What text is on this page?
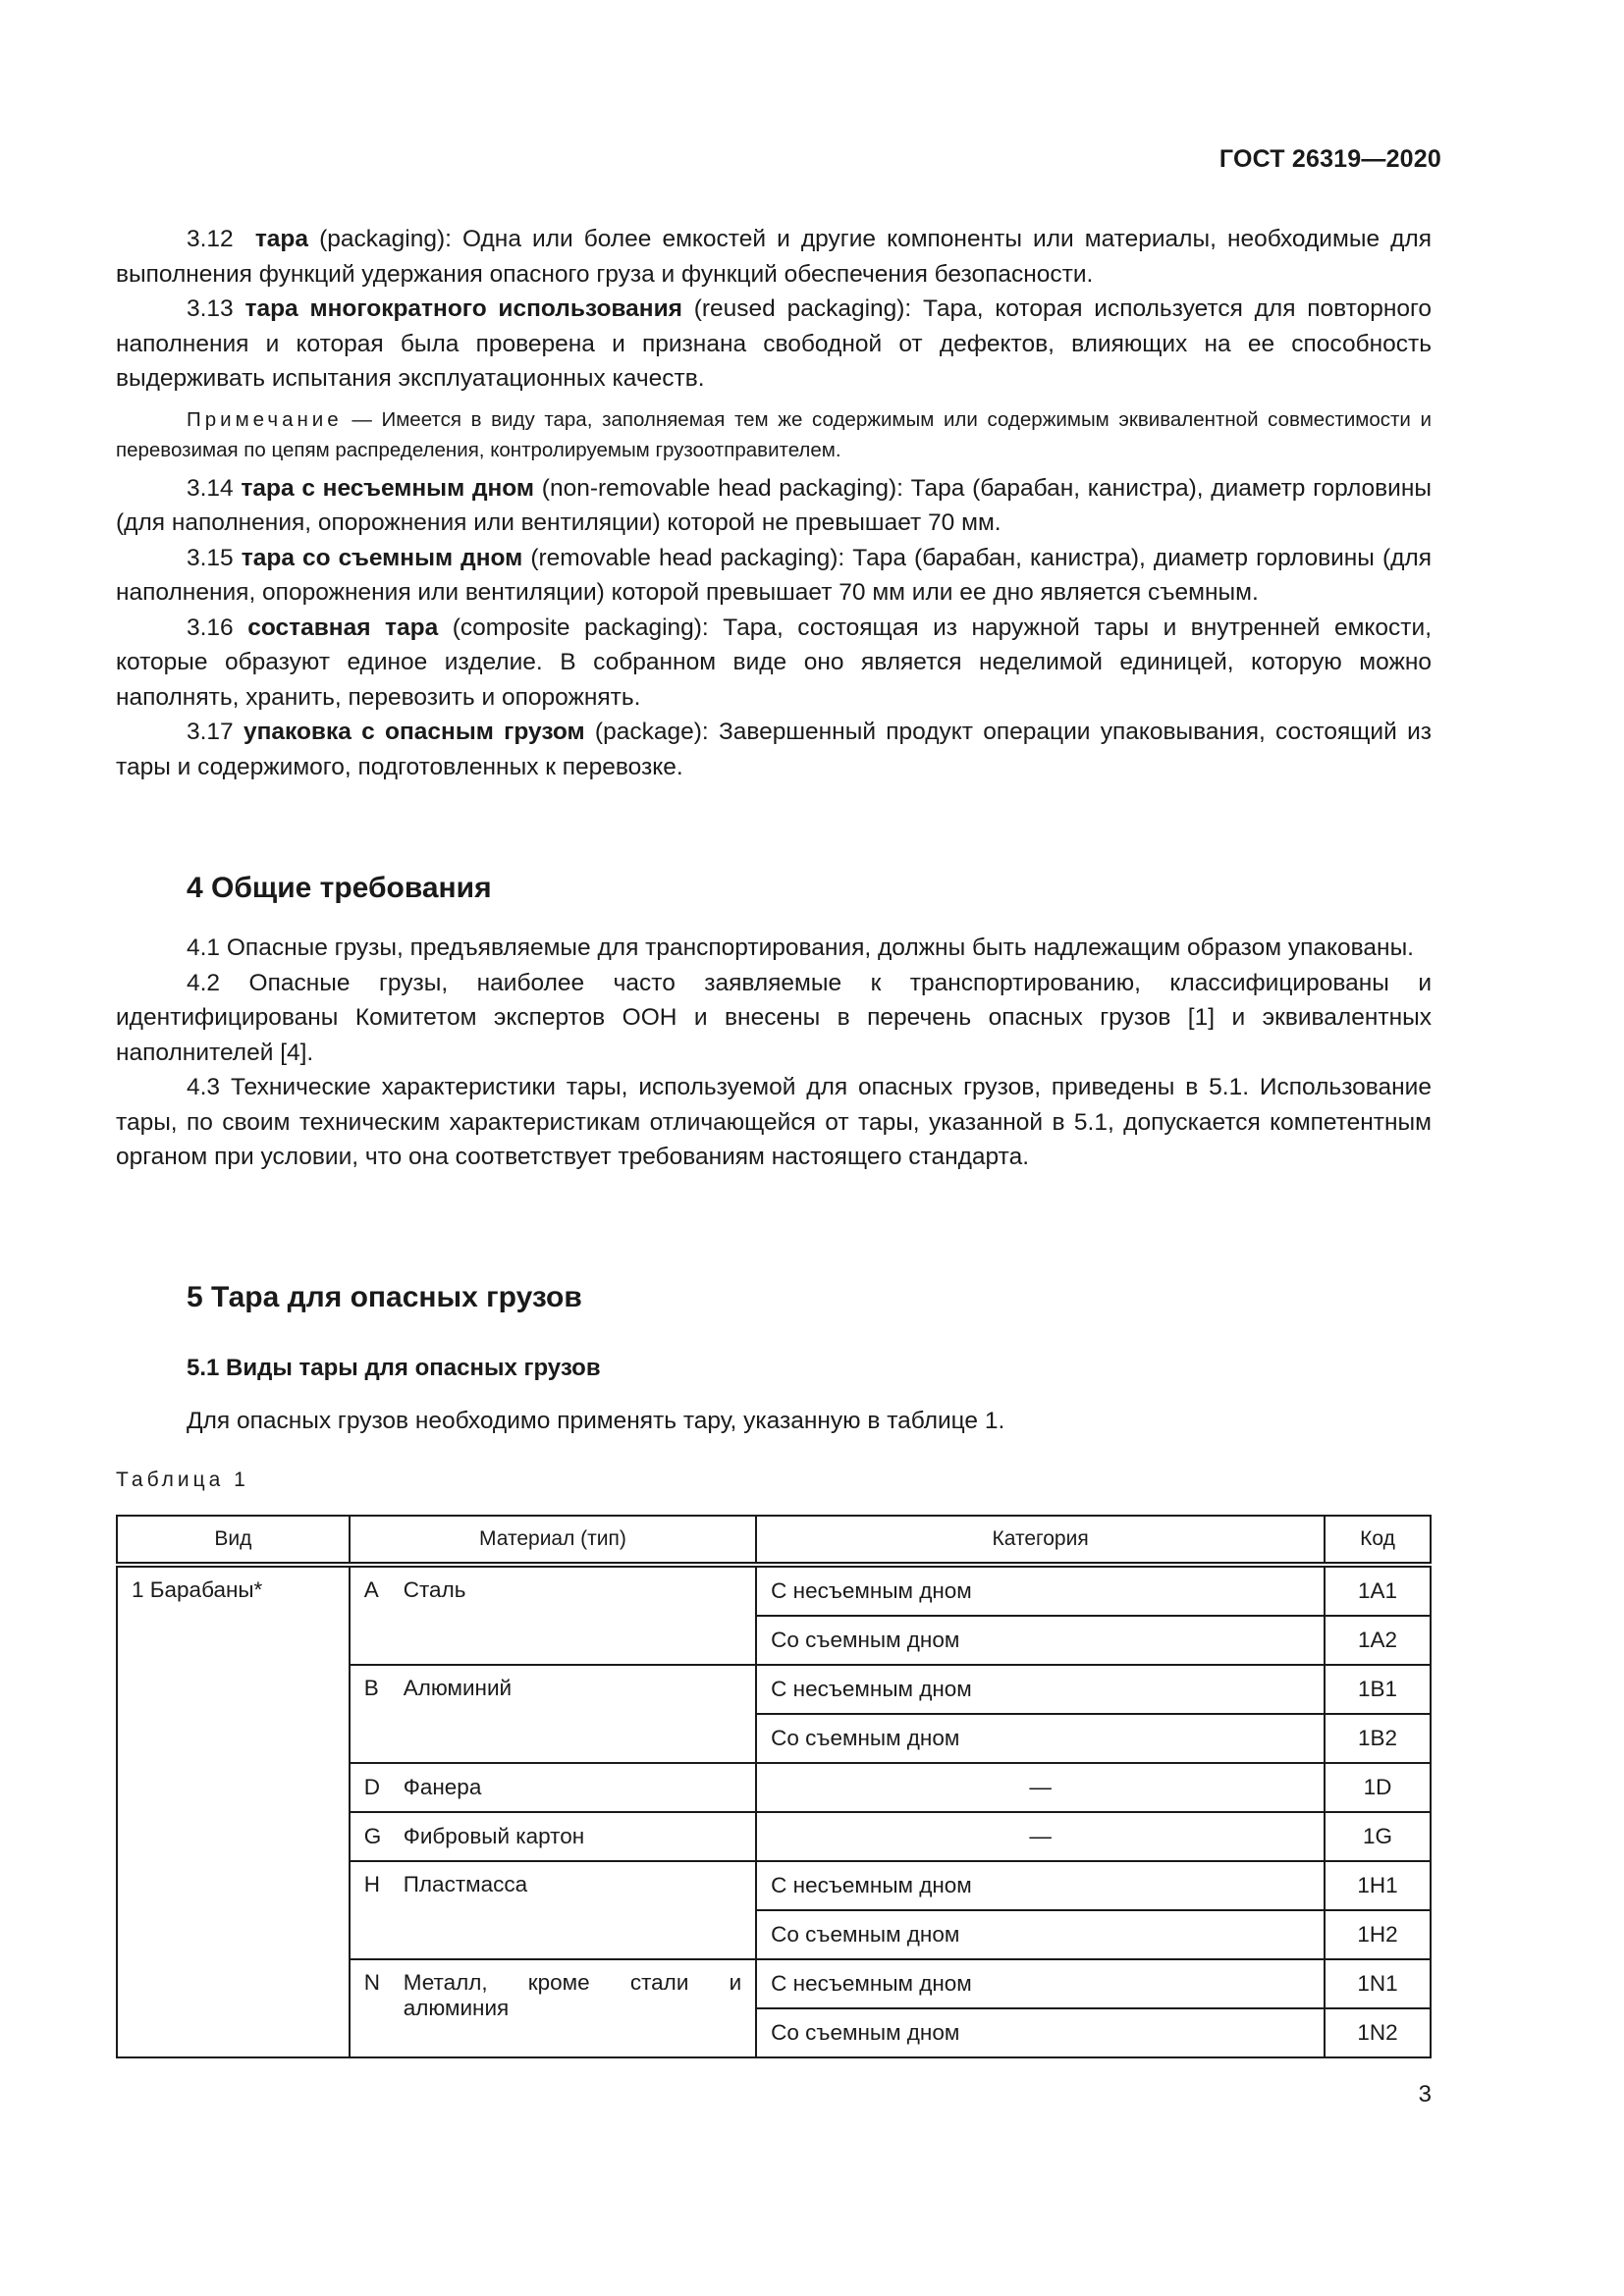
ГОСТ 26319—2020

3.12 тара (packaging): Одна или более емкостей и другие компоненты или материалы, необходимые для выполнения функций удержания опасного груза и функций обеспечения безопасности.

3.13 тара многократного использования (reused packaging): Тара, которая используется для повторного наполнения и которая была проверена и признана свободной от дефектов, влияющих на ее способность выдерживать испытания эксплуатационных качеств.

Примечание — Имеется в виду тара, заполняемая тем же содержимым или содержимым эквивалентной совместимости и перевозимая по цепям распределения, контролируемым грузоотправителем.

3.14 тара с несъемным дном (non-removable head packaging): Тара (барабан, канистра), диаметр горловины (для наполнения, опорожнения или вентиляции) которой не превышает 70 мм.

3.15 тара со съемным дном (removable head packaging): Тара (барабан, канистра), диаметр горловины (для наполнения, опорожнения или вентиляции) которой превышает 70 мм или ее дно является съемным.

3.16 составная тара (composite packaging): Тара, состоящая из наружной тары и внутренней емкости, которые образуют единое изделие. В собранном виде оно является неделимой единицей, которую можно наполнять, хранить, перевозить и опорожнять.

3.17 упаковка с опасным грузом (package): Завершенный продукт операции упаковывания, состоящий из тары и содержимого, подготовленных к перевозке.

4 Общие требования

4.1 Опасные грузы, предъявляемые для транспортирования, должны быть надлежащим образом упакованы.

4.2 Опасные грузы, наиболее часто заявляемые к транспортированию, классифицированы и идентифицированы Комитетом экспертов ООН и внесены в перечень опасных грузов [1] и эквивалентных наполнителей [4].

4.3 Технические характеристики тары, используемой для опасных грузов, приведены в 5.1. Использование тары, по своим техническим характеристикам отличающейся от тары, указанной в 5.1, допускается компетентным органом при условии, что она соответствует требованиям настоящего стандарта.

5 Тара для опасных грузов
5.1 Виды тары для опасных грузов

Для опасных грузов необходимо применять тару, указанную в таблице 1.

Таблица 1

Вид	Материал (тип)	Категория	Код
1 Барабаны*	A Сталь	С несъемным дном	1A1
		Со съемным дном	1A2

	B Алюминий	С несъемным дном	1B1
		Со съемным дном	1B2

	D Фанера	—	1D

	G Фибровый картон	—	1G

	H Пластмасса	С несъемным дном	1H1
		Со съемным дном	1H2

	N Металл, кроме стали и алюминия	С несъемным дном	1N1
		Со съемным дном	1N2
3
